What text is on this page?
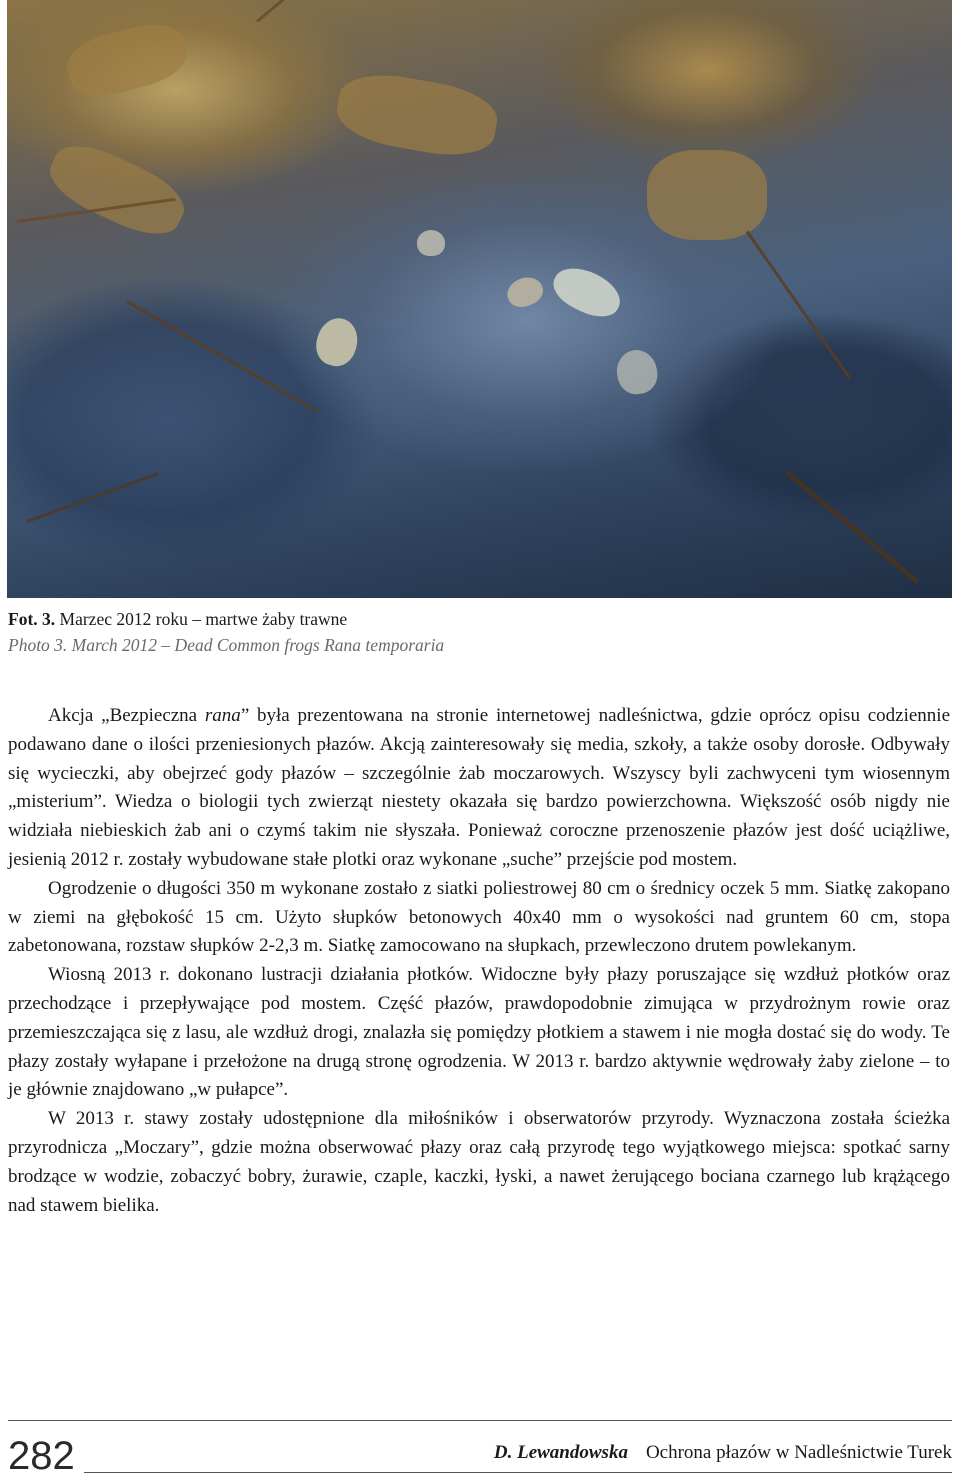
Fot. 3. Marzec 2012 roku – martwe żaby trawne
Photo 3. March 2012 – Dead Common frogs Rana temporaria

Akcja „Bezpieczna rana” była prezentowana na stronie internetowej nadleśnictwa, gdzie oprócz opisu codziennie podawano dane o ilości przeniesionych płazów. Akcją zainteresowały się media, szkoły, a także osoby dorosłe. Odbywały się wycieczki, aby obejrzeć gody płazów – szczególnie żab moczarowych. Wszyscy byli zachwyceni tym wiosennym „misterium”. Wiedza o biologii tych zwierząt niestety okazała się bardzo powierzchowna. Większość osób nigdy nie widziała niebieskich żab ani o czymś takim nie słyszała. Ponieważ coroczne przenoszenie płazów jest dość uciążliwe, jesienią 2012 r. zostały wybudowane stałe plotki oraz wykonane „suche” przejście pod mostem.

Ogrodzenie o długości 350 m wykonane zostało z siatki poliestrowej 80 cm o średnicy oczek 5 mm. Siatkę zakopano w ziemi na głębokość 15 cm. Użyto słupków betonowych 40x40 mm o wysokości nad gruntem 60 cm, stopa zabetonowana, rozstaw słupków 2-2,3 m. Siatkę zamocowano na słupkach, przewleczono drutem powlekanym.

Wiosną 2013 r. dokonano lustracji działania płotków. Widoczne były płazy poruszające się wzdłuż płotków oraz przechodzące i przepływające pod mostem. Część płazów, prawdopodobnie zimująca w przydrożnym rowie oraz przemieszczająca się z lasu, ale wzdłuż drogi, znalazła się pomiędzy płotkiem a stawem i nie mogła dostać się do wody. Te płazy zostały wyłapane i przełożone na drugą stronę ogrodzenia. W 2013 r. bardzo aktywnie wędrowały żaby zielone – to je głównie znajdowano „w pułapce”.

W 2013 r. stawy zostały udostępnione dla miłośników i obserwatorów przyrody. Wyznaczona została ścieżka przyrodnicza „Moczary”, gdzie można obserwować płazy oraz całą przyrodę tego wyjątkowego miejsca: spotkać sarny brodzące w wodzie, zobaczyć bobry, żurawie, czaple, kaczki, łyski, a nawet żerującego bociana czarnego lub krążącego nad stawem bielika.

282	D. Lewandowska Ochrona płazów w Nadleśnictwie Turek
